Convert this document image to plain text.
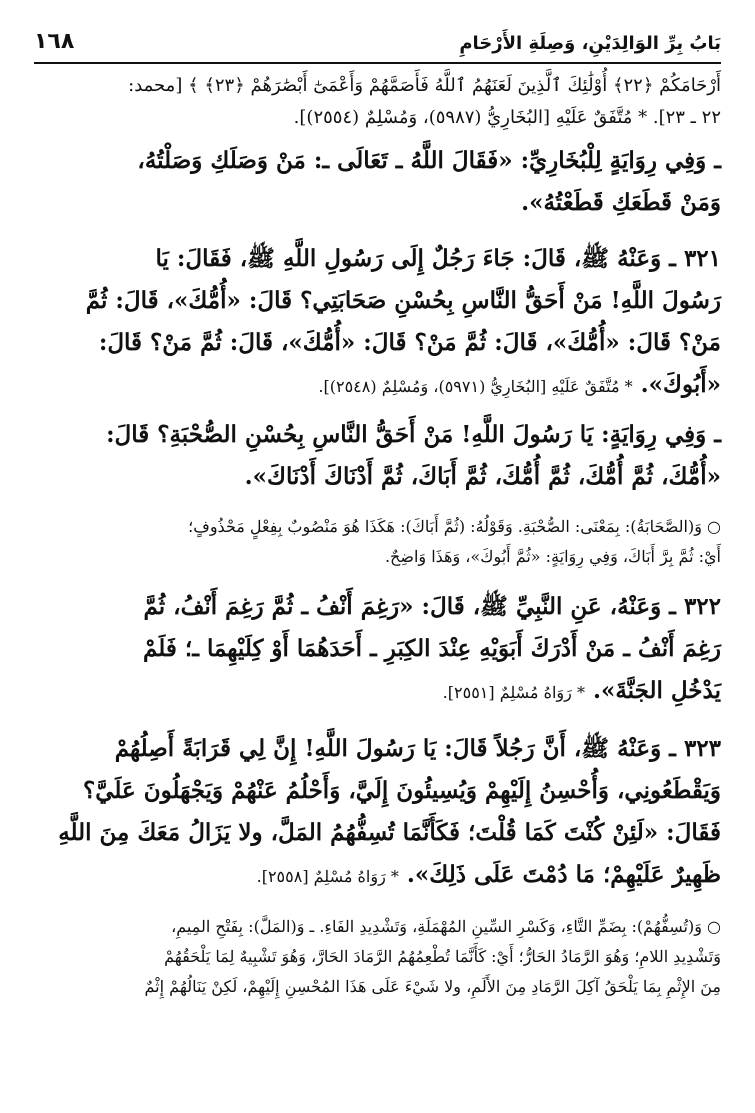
١٦٨	بَابُ بِرِّ الوَالِدَيْنِ، وَصِلَةِ الأَرْحَامِ

أَرْحَامَكُمْ ﴿٢٢﴾ أُوْلَٰئِكَ ٱلَّذِينَ لَعَنَهُمُ ٱللَّهُ فَأَصَمَّهُمْ وَأَعْمَىٰٓ أَبْصَٰرَهُمْ ﴿٢٣﴾ ﴾ [محمد:

٢٢ ـ ٢٣]. * مُتَّفَقٌ عَلَيْهِ [البُخَارِيُّ (٥٩٨٧)، وَمُسْلِمٌ (٢٥٥٤)].

ـ وَفِي رِوَايَةٍ لِلْبُخَارِيِّ: «فَقَالَ اللَّهُ ـ تَعَالَى ـ: مَنْ وَصَلَكِ وَصَلْتُهُ،

وَمَنْ قَطَعَكِ قَطَعْتُهُ».

٣٢١ ـ وَعَنْهُ ﷺ، قَالَ: جَاءَ رَجُلٌ إِلَى رَسُولِ اللَّهِ ﷺ، فَقَالَ: يَا

رَسُولَ اللَّهِ! مَنْ أَحَقُّ النَّاسِ بِحُسْنِ صَحَابَتِي؟ قَالَ: «أُمُّكَ»، قَالَ: ثُمَّ

مَنْ؟ قَالَ: «أُمُّكَ»، قَالَ: ثُمَّ مَنْ؟ قَالَ: «أُمُّكَ»، قَالَ: ثُمَّ مَنْ؟ قَالَ:

«أَبُوكَ». * مُتَّفَقٌ عَلَيْهِ [البُخَارِيُّ (٥٩٧١)، وَمُسْلِمٌ (٢٥٤٨)].

ـ وَفِي رِوَايَةٍ: يَا رَسُولَ اللَّهِ! مَنْ أَحَقُّ النَّاسِ بِحُسْنِ الصُّحْبَةِ؟ قَالَ:

«أُمُّكَ، ثُمَّ أُمُّكَ، ثُمَّ أُمُّكَ، ثُمَّ أَبَاكَ، ثُمَّ أَدْنَاكَ أَدْنَاكَ».

○ وَ(الصَّحَابَةُ): بِمَعْنَى: الصُّحْبَةِ. وَقَوْلُهُ: (ثُمَّ أَبَاكَ): هَكَذَا هُوَ مَنْصُوبٌ بِفِعْلٍ مَحْذُوفٍ؛

أَيْ: ثُمَّ بِرَّ أَبَاكَ، وَفِي رِوَايَةٍ: «ثُمَّ أَبُوكَ»، وَهَذَا وَاضِحٌ.

٣٢٢ ـ وَعَنْهُ، عَنِ النَّبِيِّ ﷺ، قَالَ: «رَغِمَ أَنْفُ ـ ثُمَّ رَغِمَ أَنْفُ، ثُمَّ

رَغِمَ أَنْفُ ـ مَنْ أَدْرَكَ أَبَوَيْهِ عِنْدَ الكِبَرِ ـ أَحَدَهُمَا أَوْ كِلَيْهِمَا ـ؛ فَلَمْ

يَدْخُلِ الجَنَّةَ». * رَوَاهُ مُسْلِمٌ [٢٥٥١].

٣٢٣ ـ وَعَنْهُ ﷺ، أَنَّ رَجُلاً قَالَ: يَا رَسُولَ اللَّهِ! إِنَّ لِي قَرَابَةً أَصِلُهُمْ

وَيَقْطَعُونِي، وَأُحْسِنُ إِلَيْهِمْ وَيُسِيئُونَ إِلَيَّ، وَأَحْلُمُ عَنْهُمْ وَيَجْهَلُونَ عَلَيَّ؟

فَقَالَ: «لَئِنْ كُنْتَ كَمَا قُلْتَ؛ فَكَأَنَّمَا تُسِفُّهُمُ المَلَّ، ولا يَزَالُ مَعَكَ مِنَ اللَّهِ

ظَهِيرٌ عَلَيْهِمْ؛ مَا دُمْتَ عَلَى ذَلِكَ». * رَوَاهُ مُسْلِمٌ [٢٥٥٨].

○ وَ(تُسِفُّهُمْ): بِضَمِّ التَّاءِ، وَكَسْرِ السِّينِ المُهْمَلَةِ، وَتَشْدِيدِ الفَاءِ. ـ وَ(المَلَّ): بِفَتْحِ المِيمِ،

وَتَشْدِيدِ اللامِ؛ وَهُوَ الرَّمَادُ الحَارُّ؛ أَيْ: كَأَنَّمَا تُطْعِمُهُمُ الرَّمَادَ الحَارَّ، وَهُوَ تَشْبِيهٌ لِمَا يَلْحَقُهُمْ

مِنَ الإِثْمِ بِمَا يَلْحَقُ آكِلَ الرَّمَادِ مِنَ الأَلَمِ، ولا شَيْءَ عَلَى هَذَا المُحْسِنِ إِلَيْهِمْ، لَكِنْ يَنَالُهُمْ إِثْمٌ
